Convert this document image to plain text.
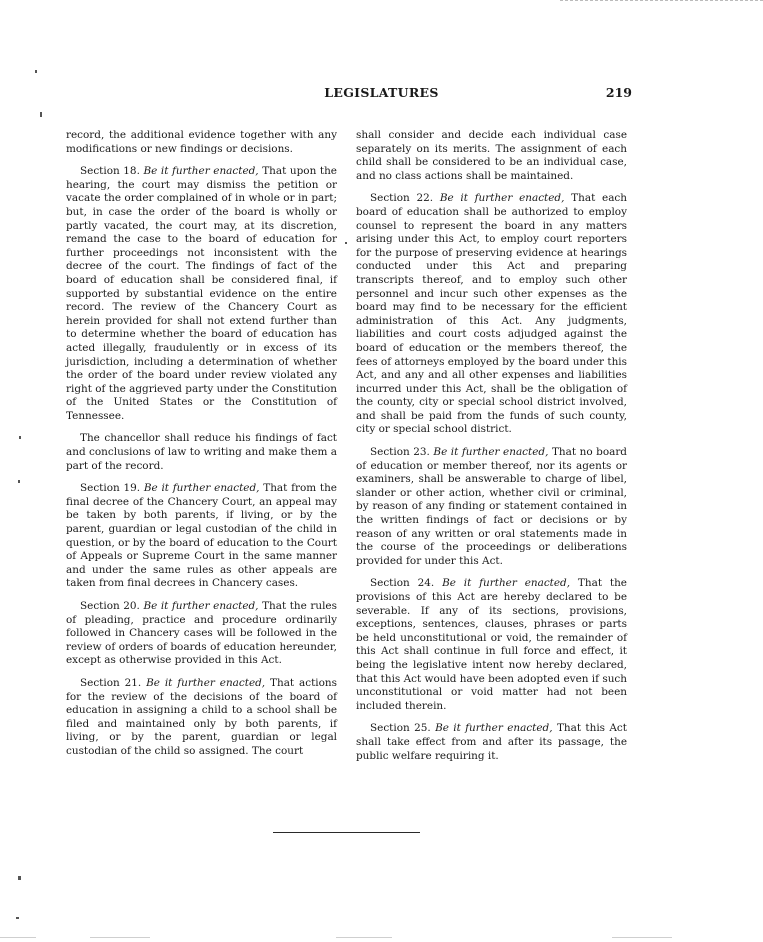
LEGISLATURES	219

record, the additional evidence together with any modifications or new findings or decisions.

Section 18. Be it further enacted, That upon the hearing, the court may dismiss the petition or vacate the order complained of in whole or in part; but, in case the order of the board is wholly or partly vacated, the court may, at its discretion, remand the case to the board of education for further proceedings not inconsistent with the decree of the court. The findings of fact of the board of education shall be considered final, if supported by substantial evidence on the entire record. The review of the Chancery Court as herein provided for shall not extend further than to determine whether the board of education has acted illegally, fraudulently or in excess of its jurisdiction, including a determination of whether the order of the board under review violated any right of the aggrieved party under the Constitution of the United States or the Constitution of Tennessee.

The chancellor shall reduce his findings of fact and conclusions of law to writing and make them a part of the record.

Section 19. Be it further enacted, That from the final decree of the Chancery Court, an appeal may be taken by both parents, if living, or by the parent, guardian or legal custodian of the child in question, or by the board of education to the Court of Appeals or Supreme Court in the same manner and under the same rules as other appeals are taken from final decrees in Chancery cases.

Section 20. Be it further enacted, That the rules of pleading, practice and procedure ordinarily followed in Chancery cases will be followed in the review of orders of boards of education hereunder, except as otherwise provided in this Act.

Section 21. Be it further enacted, That actions for the review of the decisions of the board of education in assigning a child to a school shall be filed and maintained only by both parents, if living, or by the parent, guardian or legal custodian of the child so assigned. The court

shall consider and decide each individual case separately on its merits. The assignment of each child shall be considered to be an individual case, and no class actions shall be maintained.

Section 22. Be it further enacted, That each board of education shall be authorized to employ counsel to represent the board in any matters arising under this Act, to employ court reporters for the purpose of preserving evidence at hearings conducted under this Act and preparing transcripts thereof, and to employ such other personnel and incur such other expenses as the board may find to be necessary for the efficient administration of this Act. Any judgments, liabilities and court costs adjudged against the board of education or the members thereof, the fees of attorneys employed by the board under this Act, and any and all other expenses and liabilities incurred under this Act, shall be the obligation of the county, city or special school district involved, and shall be paid from the funds of such county, city or special school district.

Section 23. Be it further enacted, That no board of education or member thereof, nor its agents or examiners, shall be answerable to charge of libel, slander or other action, whether civil or criminal, by reason of any finding or statement contained in the written findings of fact or decisions or by reason of any written or oral statements made in the course of the proceedings or deliberations provided for under this Act.

Section 24. Be it further enacted, That the provisions of this Act are hereby declared to be severable. If any of its sections, provisions, exceptions, sentences, clauses, phrases or parts be held unconstitutional or void, the remainder of this Act shall continue in full force and effect, it being the legislative intent now hereby declared, that this Act would have been adopted even if such unconstitutional or void matter had not been included therein.

Section 25. Be it further enacted, That this Act shall take effect from and after its passage, the public welfare requiring it.
